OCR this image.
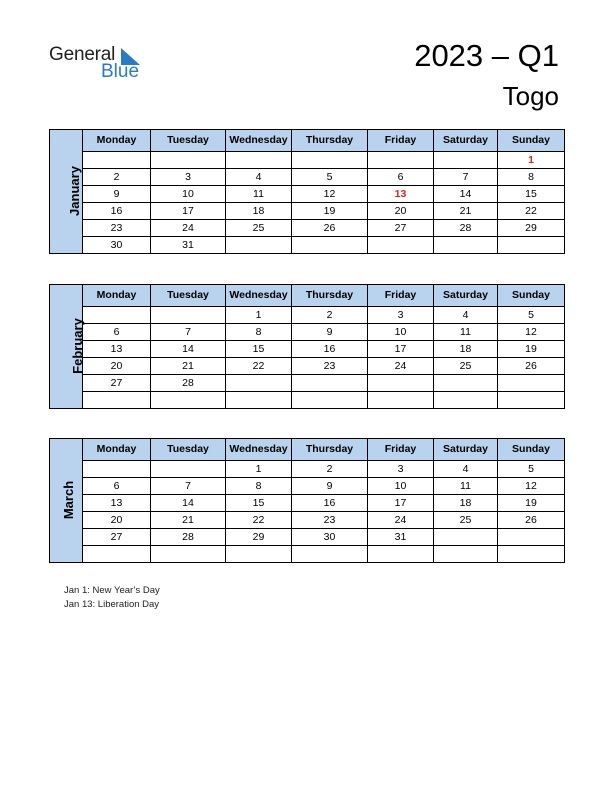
General
Blue	2023 – Q1
Togo
January	Monday	Tuesday	Wednesday	Thursday	Friday	Saturday	Sunday
							1
	2	3	4	5	6	7	8
	9	10	11	12	13	14	15
	16	17	18	19	20	21	22
	23	24	25	26	27	28	29
	30	31					
February	Monday	Tuesday	Wednesday	Thursday	Friday	Saturday	Sunday
			1	2	3	4	5
	6	7	8	9	10	11	12
	13	14	15	16	17	18	19
	20	21	22	23	24	25	26
	27	28					

March	Monday	Tuesday	Wednesday	Thursday	Friday	Saturday	Sunday
			1	2	3	4	5
	6	7	8	9	10	11	12
	13	14	15	16	17	18	19
	20	21	22	23	24	25	26
	27	28	29	30	31		

Jan 1: New Year’s Day
Jan 13: Liberation Day
